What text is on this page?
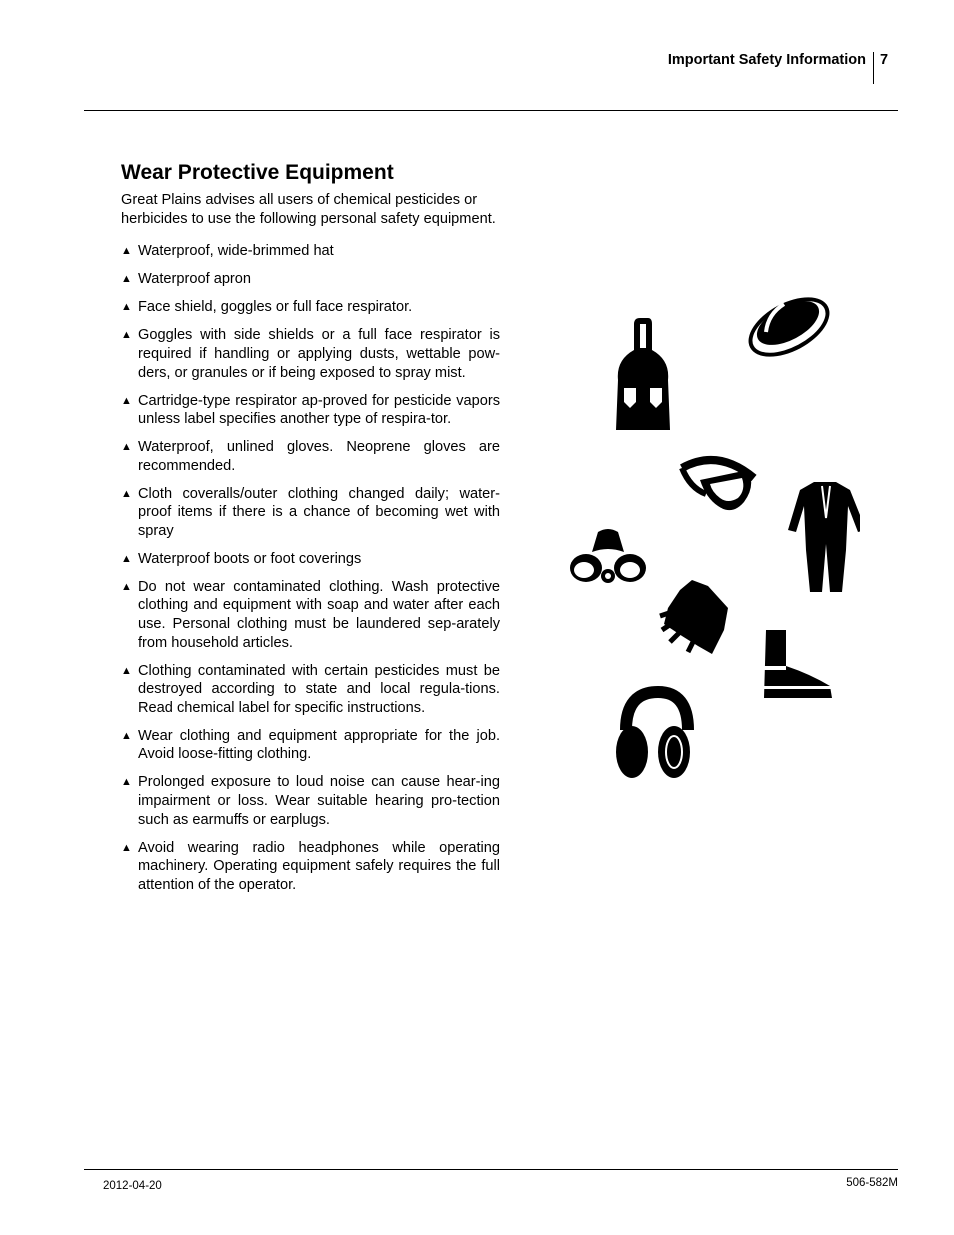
Important Safety Information 7
Wear Protective Equipment

Great Plains advises all users of chemical pesticides or herbicides to use the following personal safety equipment.

▲ Waterproof, wide-brimmed hat
▲ Waterproof apron
▲ Face shield, goggles or full face respirator.
▲ Goggles with side shields or a full face respirator is required if handling or applying dusts, wettable pow-ders, or granules or if being exposed to spray mist.
▲ Cartridge-type respirator ap-proved for pesticide vapors unless label specifies another type of respira-tor.
▲ Waterproof, unlined gloves. Neoprene gloves are recommended.
▲ Cloth coveralls/outer clothing changed daily; water-proof items if there is a chance of becoming wet with spray
▲ Waterproof boots or foot coverings
▲ Do not wear contaminated clothing. Wash protective clothing and equipment with soap and water after each use. Personal clothing must be laundered sep-arately from household articles.
▲ Clothing contaminated with certain pesticides must be destroyed according to state and local regula-tions. Read chemical label for specific instructions.
▲ Wear clothing and equipment appropriate for the job. Avoid loose-fitting clothing.
▲ Prolonged exposure to loud noise can cause hear-ing impairment or loss. Wear suitable hearing pro-tection such as earmuffs or earplugs.
▲ Avoid wearing radio headphones while operating machinery. Operating equipment safely requires the full attention of the operator.
2012-04-20	506-582M
